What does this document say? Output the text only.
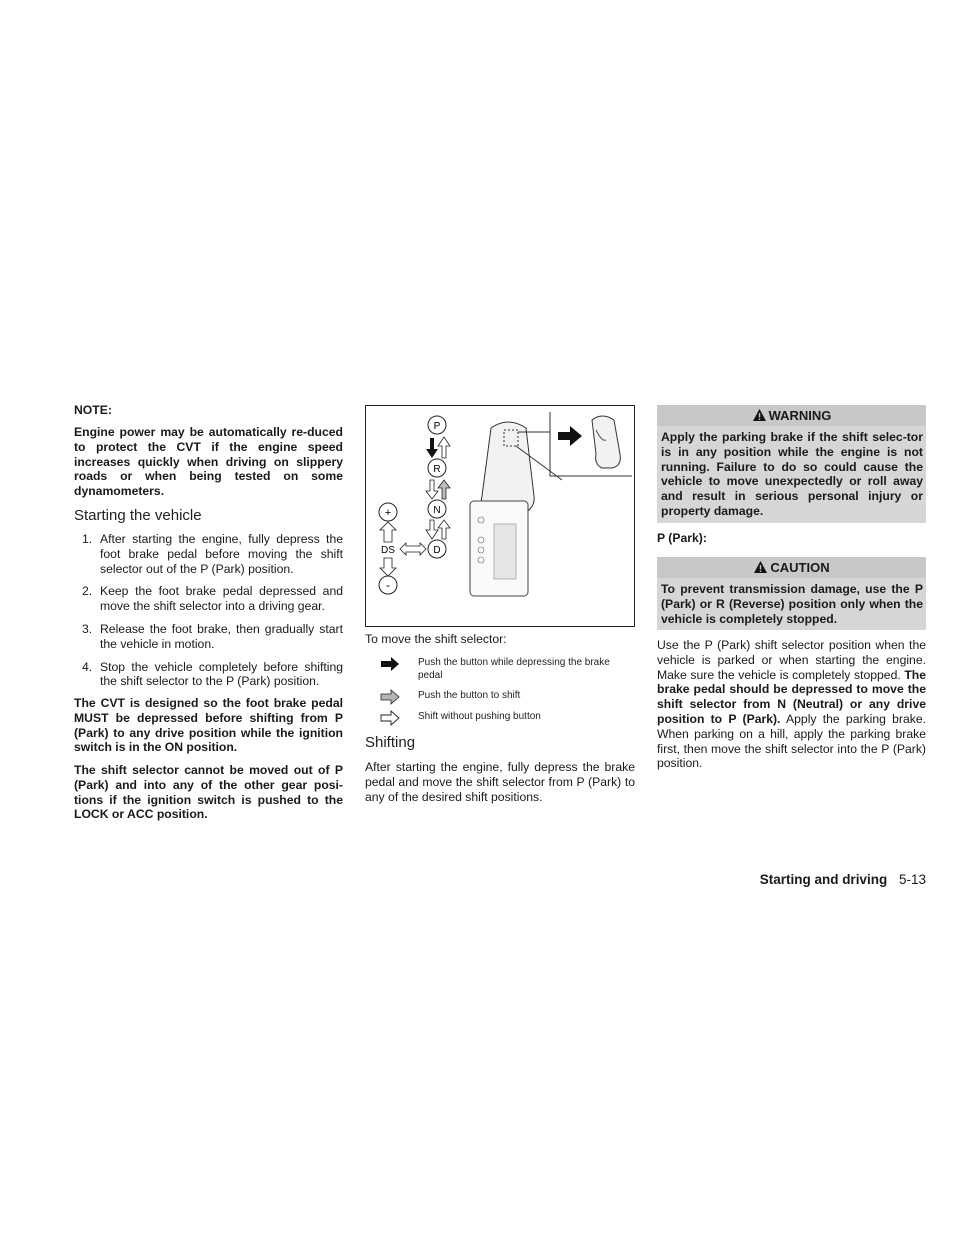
NOTE:

Engine power may be automatically re-duced to protect the CVT if the engine speed increases quickly when driving on slippery roads or when being tested on some dynamometers.

Starting the vehicle
1. After starting the engine, fully depress the foot brake pedal before moving the shift selector out of the P (Park) position.
2. Keep the foot brake pedal depressed and move the shift selector into a driving gear.
3. Release the foot brake, then gradually start the vehicle in motion.
4. Stop the vehicle completely before shifting the shift selector to the P (Park) position.

The CVT is designed so the foot brake pedal MUST be depressed before shifting from P (Park) to any drive position while the ignition switch is in the ON position.

The shift selector cannot be moved out of P (Park) and into any of the other gear posi-tions if the ignition switch is pushed to the LOCK or ACC position.

P
R
N
D
+
-
DS

To move the shift selector:

Push the button while depressing the brake pedal
Push the button to shift
Shift without pushing button
Shifting

After starting the engine, fully depress the brake pedal and move the shift selector from P (Park) to any of the desired shift positions.

WARNING
Apply the parking brake if the shift selec-tor is in any position while the engine is not running. Failure to do so could cause the vehicle to move unexpectedly or roll away and result in serious personal injury or property damage.

P (Park):

CAUTION
To prevent transmission damage, use the P (Park) or R (Reverse) position only when the vehicle is completely stopped.

Use the P (Park) shift selector position when the vehicle is parked or when starting the engine. Make sure the vehicle is completely stopped. The brake pedal should be depressed to move the shift selector from N (Neutral) or any drive position to P (Park). Apply the parking brake. When parking on a hill, apply the parking brake first, then move the shift selector into the P (Park) position.

Starting and driving 5-13
